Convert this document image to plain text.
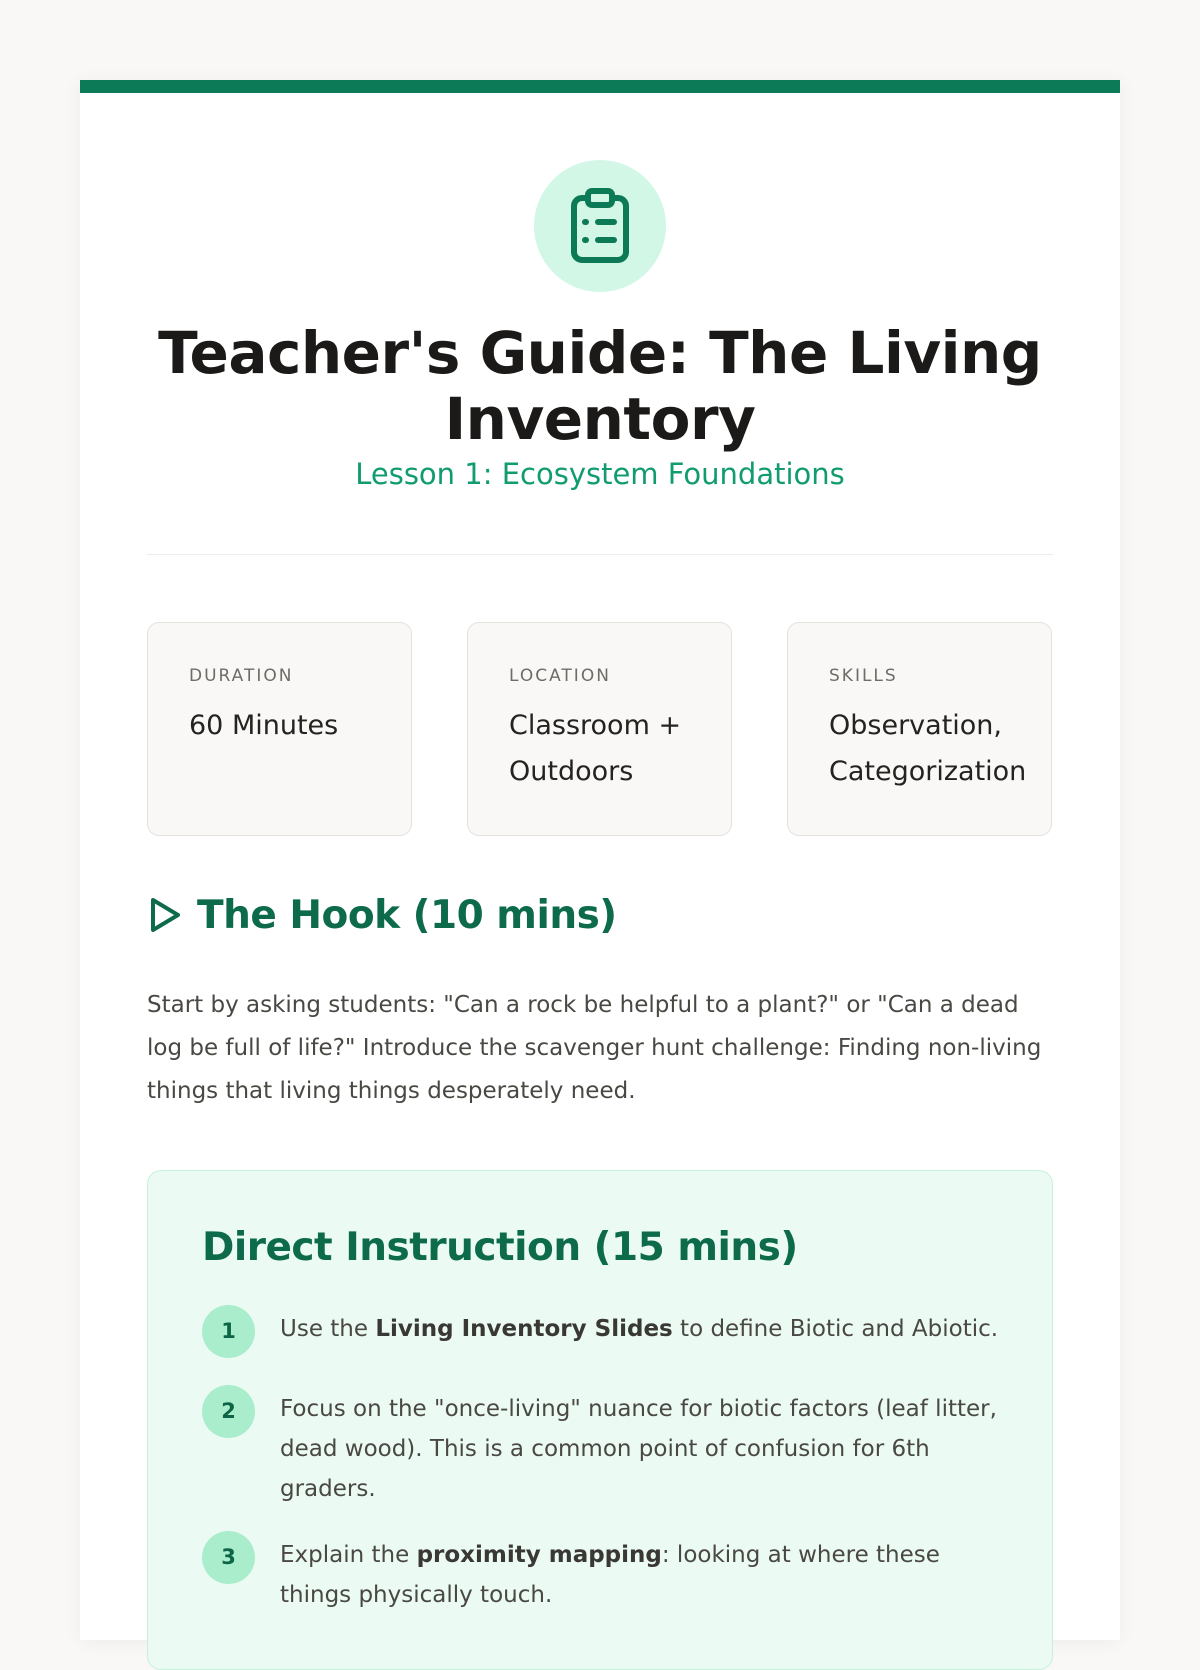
Teacher's Guide: The Living Inventory
Lesson 1: Ecosystem Foundations
DURATION
60 Minutes
LOCATION
Classroom + Outdoors
SKILLS
Observation, Categorization
The Hook (10 mins)

Start by asking students: "Can a rock be helpful to a plant?" or "Can a dead log be full of life?" Introduce the scavenger hunt challenge: Finding non-living things that living things desperately need.

Direct Instruction (15 mins)
1	Use the Living Inventory Slides to define Biotic and Abiotic.
2	Focus on the "once-living" nuance for biotic factors (leaf litter, dead wood). This is a common point of confusion for 6th graders.
3	Explain the proximity mapping: looking at where these things physically touch.
